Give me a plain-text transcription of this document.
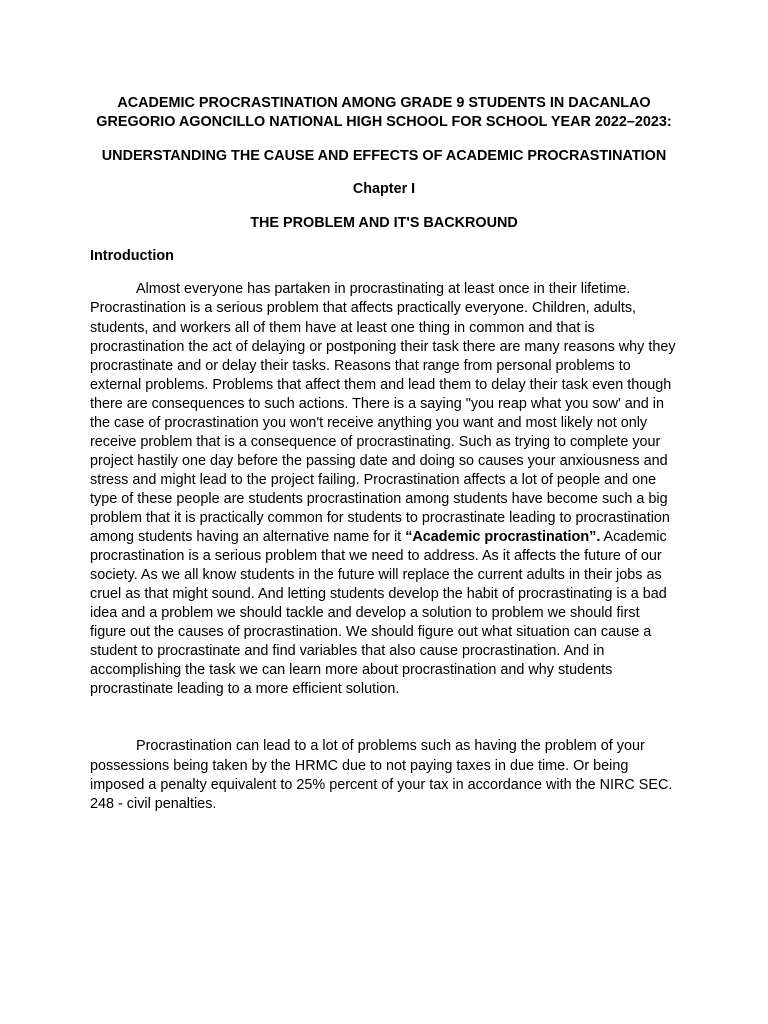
ACADEMIC PROCRASTINATION AMONG GRADE 9 STUDENTS IN DACANLAO GREGORIO AGONCILLO NATIONAL HIGH SCHOOL FOR SCHOOL YEAR 2022–2023:

UNDERSTANDING THE CAUSE AND EFFECTS OF ACADEMIC PROCRASTINATION

Chapter I

THE PROBLEM AND IT'S BACKROUND

Introduction

Almost everyone has partaken in procrastinating at least once in their lifetime. Procrastination is a serious problem that affects practically everyone. Children, adults, students, and workers all of them have at least one thing in common and that is procrastination the act of delaying or postponing their task there are many reasons why they procrastinate and or delay their tasks. Reasons that range from personal problems to external problems. Problems that affect them and lead them to delay their task even though there are consequences to such actions. There is a saying "you reap what you sow' and in the case of procrastination you won't receive anything you want and most likely not only receive problem that is a consequence of procrastinating. Such as trying to complete your project hastily one day before the passing date and doing so causes your anxiousness and stress and might lead to the project failing. Procrastination affects a lot of people and one type of these people are students procrastination among students have become such a big problem that it is practically common for students to procrastinate leading to procrastination among students having an alternative name for it “Academic procrastination”. Academic procrastination is a serious problem that we need to address. As it affects the future of our society. As we all know students in the future will replace the current adults in their jobs as cruel as that might sound. And letting students develop the habit of procrastinating is a bad idea and a problem we should tackle and develop a solution to problem we should first figure out the causes of procrastination. We should figure out what situation can cause a student to procrastinate and find variables that also cause procrastination. And in accomplishing the task we can learn more about procrastination and why students procrastinate leading to a more efficient solution.

Procrastination can lead to a lot of problems such as having the problem of your possessions being taken by the HRMC due to not paying taxes in due time. Or being imposed a penalty equivalent to 25% percent of your tax in accordance with the NIRC SEC. 248 - civil penalties.
